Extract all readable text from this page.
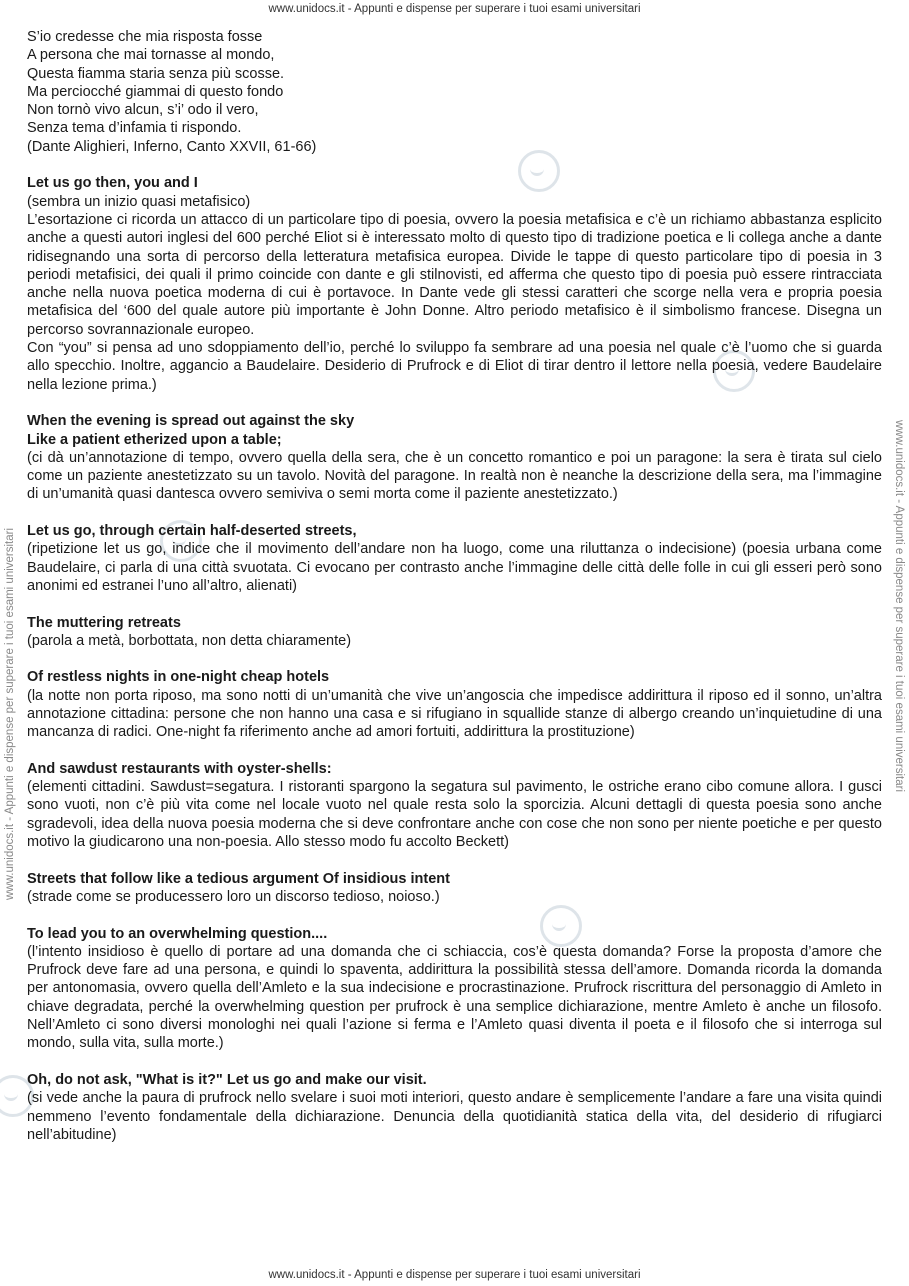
www.unidocs.it - Appunti e dispense per superare i tuoi esami universitari
www.unidocs.it - Appunti e dispense per superare i tuoi esami universitari	www.unidocs.it - Appunti e dispense per superare i tuoi esami universitari

S’io credesse che mia risposta fosse

A persona che mai tornasse al mondo,

Questa fiamma staria senza più scosse.

Ma perciocché giammai di questo fondo

Non tornò vivo alcun, s’i’ odo il vero,

Senza tema d’infamia ti rispondo.

(Dante Alighieri, Inferno, Canto XXVII, 61-66)

Let us go then, you and I

(sembra un inizio quasi metafisico)

L’esortazione ci ricorda un attacco di un particolare tipo di poesia, ovvero la poesia metafisica e c’è un richiamo abbastanza esplicito anche a questi autori inglesi del 600 perché Eliot si è interessato molto di questo tipo di tradizione poetica e li collega anche a dante ridisegnando una sorta di percorso della letteratura metafisica europea. Divide le tappe di questo particolare tipo di poesia in 3 periodi metafisici, dei quali il primo coincide con dante e gli stilnovisti, ed afferma che questo tipo di poesia può essere rintracciata anche nella nuova poetica moderna di cui è portavoce. In Dante vede gli stessi caratteri che scorge nella vera e propria poesia metafisica del ‘600 del quale autore più importante è John Donne. Altro periodo metafisico è il simbolismo francese. Disegna un percorso sovrannazionale europeo.

Con “you” si pensa ad uno sdoppiamento dell’io, perché lo sviluppo fa sembrare ad una poesia nel quale c’è l’uomo che si guarda allo specchio. Inoltre, aggancio a Baudelaire. Desiderio di Prufrock e di Eliot di tirar dentro il lettore nella poesia, vedere Baudelaire nella lezione prima.)

When the evening is spread out against the sky

Like a patient etherized upon a table;

(ci dà un’annotazione di tempo, ovvero quella della sera, che è un concetto romantico e poi un paragone: la sera è tirata sul cielo come un paziente anestetizzato su un tavolo. Novità del paragone. In realtà non è neanche la descrizione della sera, ma l’immagine di un’umanità quasi dantesca ovvero semiviva o semi morta come il paziente anestetizzato.)

Let us go, through certain half-deserted streets,

(ripetizione let us go, indice che il movimento dell’andare non ha luogo, come una riluttanza o indecisione) (poesia urbana come Baudelaire, ci parla di una città svuotata. Ci evocano per contrasto anche l’immagine delle città delle folle in cui gli esseri però sono anonimi ed estranei l’uno all’altro, alienati)

The muttering retreats

(parola a metà, borbottata, non detta chiaramente)

Of restless nights in one-night cheap hotels

(la notte non porta riposo, ma sono notti di un’umanità che vive un’angoscia che impedisce addirittura il riposo ed il sonno, un’altra annotazione cittadina: persone che non hanno una casa e si rifugiano in squallide stanze di albergo creando un’inquietudine di una mancanza di radici. One-night fa riferimento anche ad amori fortuiti, addirittura la prostituzione)

And sawdust restaurants with oyster-shells:

(elementi cittadini. Sawdust=segatura. I ristoranti spargono la segatura sul pavimento, le ostriche erano cibo comune allora. I gusci sono vuoti, non c’è più vita come nel locale vuoto nel quale resta solo la sporcizia. Alcuni dettagli di questa poesia sono anche sgradevoli, idea della nuova poesia moderna che si deve confrontare anche con cose che non sono per niente poetiche e per questo motivo la giudicarono una non-poesia. Allo stesso modo fu accolto Beckett)

Streets that follow like a tedious argument Of insidious intent

(strade come se producessero loro un discorso tedioso, noioso.)

To lead you to an overwhelming question....

(l’intento insidioso è quello di portare ad una domanda che ci schiaccia, cos’è questa domanda? Forse la proposta d’amore che Prufrock deve fare ad una persona, e quindi lo spaventa, addirittura la possibilità stessa dell’amore. Domanda ricorda la domanda per antonomasia, ovvero quella dell’Amleto e la sua indecisione e procrastinazione. Prufrock riscrittura del personaggio di Amleto in chiave degradata, perché la overwhelming question per prufrock è una semplice dichiarazione, mentre Amleto è anche un filosofo. Nell’Amleto ci sono diversi monologhi nei quali l’azione si ferma e l’Amleto quasi diventa il poeta e il filosofo che si interroga sul mondo, sulla vita, sulla morte.)

Oh, do not ask, "What is it?" Let us go and make our visit.

(si vede anche la paura di prufrock nello svelare i suoi moti interiori, questo andare è semplicemente l’andare a fare una visita quindi nemmeno l’evento fondamentale della dichiarazione. Denuncia della quotidianità statica della vita, del desiderio di rifugiarci nell’abitudine)

www.unidocs.it - Appunti e dispense per superare i tuoi esami universitari
